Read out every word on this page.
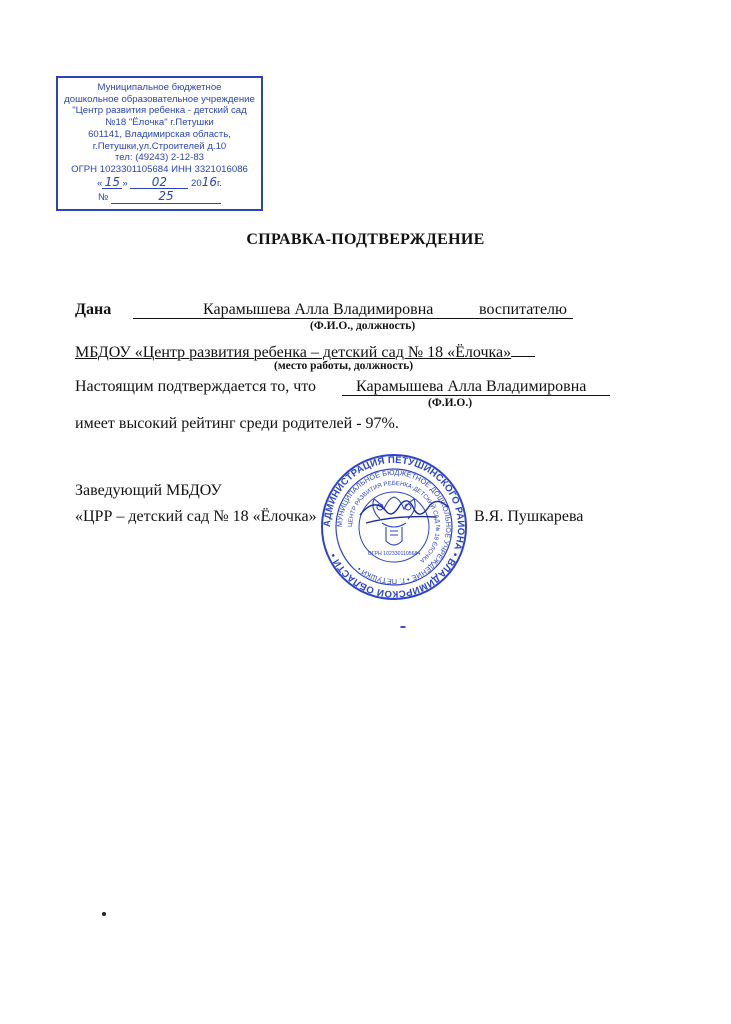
Муниципальное бюджетное
дошкольное образовательное учреждение
"Центр развития ребенка - детский сад
№18 "Ёлочка" г.Петушки
601141, Владимирская область,
г.Петушки,ул.Строителей д.10
тел: (49243) 2-12-83
ОГРН 1023301105684 ИНН 3321016086
« 15 » 02	2016г.
№	25
СПРАВКА-ПОДТВЕРЖДЕНИЕ
Дана	Карамышева Алла Владимировна	воспитателю
(Ф.И.О., должность)
МБДОУ «Центр развития ребенка – детский сад № 18 «Ёлочка»
(место работы, должность)
Настоящим подтверждается то, что Карамышева Алла Владимировна
(Ф.И.О.)
имеет высокий рейтинг среди родителей - 97%.
Заведующий МБДОУ
«ЦРР – детский сад № 18 «Ёлочка»	В.Я. Пушкарева
АДМИНИСТРАЦИЯ ПЕТУШИНСКОГО РАЙОНА • ВЛАДИМИРСКОЙ ОБЛАСТИ •
МУНИЦИПАЛЬНОЕ БЮДЖЕТНОЕ ДОШКОЛЬНОЕ УЧРЕЖДЕНИЕ • Г. ПЕТУШКИ •
ЦЕНТР РАЗВИТИЯ РЕБЕНКА-ДЕТСКИЙ САД № 18 ЁЛОЧКА
ОГРН 1023301105684
